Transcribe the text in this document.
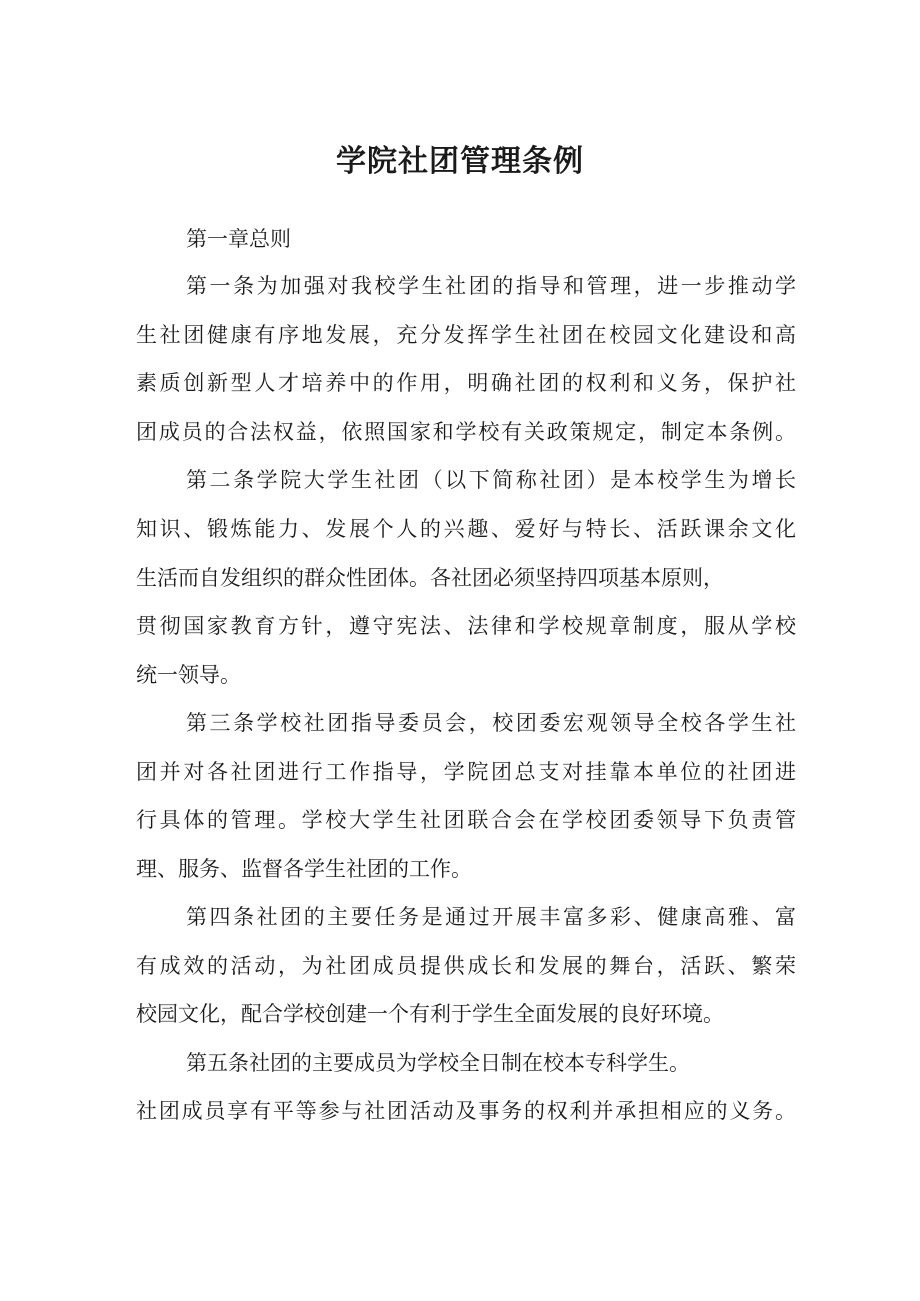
学院社团管理条例
第一章总则
第一条为加强对我校学生社团的指导和管理，进一步推动学
生社团健康有序地发展，充分发挥学生社团在校园文化建设和高
素质创新型人才培养中的作用，明确社团的权利和义务，保护社
团成员的合法权益，依照国家和学校有关政策规定，制定本条例。
第二条学院大学生社团（以下简称社团）是本校学生为增长
知识、锻炼能力、发展个人的兴趣、爱好与特长、活跃课余文化
生活而自发组织的群众性团体。各社团必须坚持四项基本原则，
贯彻国家教育方针，遵守宪法、法律和学校规章制度，服从学校
统一领导。
第三条学校社团指导委员会，校团委宏观领导全校各学生社
团并对各社团进行工作指导，学院团总支对挂靠本单位的社团进
行具体的管理。学校大学生社团联合会在学校团委领导下负责管
理、服务、监督各学生社团的工作。
第四条社团的主要任务是通过开展丰富多彩、健康高雅、富
有成效的活动，为社团成员提供成长和发展的舞台，活跃、繁荣
校园文化，配合学校创建一个有利于学生全面发展的良好环境。
第五条社团的主要成员为学校全日制在校本专科学生。
社团成员享有平等参与社团活动及事务的权利并承担相应的义务。
